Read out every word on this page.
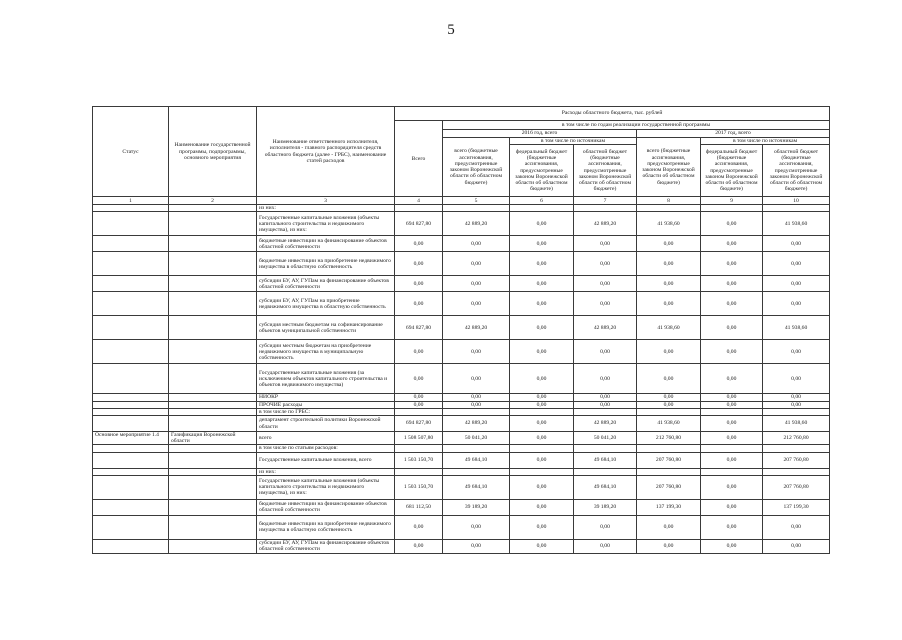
5
Статус	Наименование государственной программы, подпрограммы, основного мероприятия	Наименование ответственного исполнителя, исполнителя - главного распорядителя средств областного бюджета (далее - ГРБС), наименование статей расходов	Расходы областного бюджета, тыс. рублей						
			Всего	в том числе по годам реализации государственной программы					
				2016 год, всего			2017 год, всего		
				всего (бюджетные ассигнования, предусмотренные законом Воронежской области об областном бюджете)	в том числе по источникам		всего (бюджетные ассигнования, предусмотренные законом Воронежской области об областном бюджете)	в том числе по источникам	
					федеральный бюджет (бюджетные ассигнования, предусмотренные законом Воронежской области об областном бюджете)	областной бюджет (бюджетные ассигнования, предусмотренные законом Воронежской области об областном бюджете)		федеральный бюджет (бюджетные ассигнования, предусмотренные законом Воронежской области об областном бюджете)	областной бюджет (бюджетные ассигнования, предусмотренные законом Воронежской области об областном бюджете)
1	2	3	4	5	6	7	8	9	10
		из них:							
		Государственные капитальные вложения (объекты капитального строительства и недвижимого имущества), из них:	694 827,80	42 889,20	0,00	42 889,20	41 938,60	0,00	41 938,60
		бюджетные инвестиции на финансирование объектов областной собственности	0,00	0,00	0,00	0,00	0,00	0,00	0,00
		бюджетные инвестиции на приобретение недвижимого имущества в областную собственность	0,00	0,00	0,00	0,00	0,00	0,00	0,00
		субсидии БУ, АУ, ГУПам на финансирование объектов областной собственности	0,00	0,00	0,00	0,00	0,00	0,00	0,00
		субсидии БУ, АУ, ГУПам на приобретение недвижимого имущества в областную собственность	0,00	0,00	0,00	0,00	0,00	0,00	0,00
		субсидия местным бюджетам на софинансирование объектов муниципальной собственности	694 827,80	42 889,20	0,00	42 889,20	41 938,60	0,00	41 938,60
		субсидии местным бюджетам на приобретение недвижимого имущества в муниципальную собственность	0,00	0,00	0,00	0,00	0,00	0,00	0,00
		Государственные капитальные вложения (за исключением объектов капитального строительства и объектов недвижимого имущества)	0,00	0,00	0,00	0,00	0,00	0,00	0,00
		НИОКР	0,00	0,00	0,00	0,00	0,00	0,00	0,00
		ПРОЧИЕ расходы	0,00	0,00	0,00	0,00	0,00	0,00	0,00
		в том числе по ГРБС:							
		департамент строительной политики Воронежской области	694 827,80	42 889,20	0,00	42 889,20	41 938,60	0,00	41 938,60
Основное мероприятие 1.4	Газификация Воронежской области	всего	1 508 507,80	50 041,20	0,00	50 041,20	212 760,80	0,00	212 760,80
		в том числе по статьям расходов:							
		Государственные капитальные вложения, всего	1 503 150,70	49 684,10	0,00	49 684,10	207 760,80	0,00	207 760,80
		из них:							
		Государственные капитальные вложения (объекты капитального строительства и недвижимого имущества), из них:	1 503 150,70	49 684,10	0,00	49 684,10	207 760,80	0,00	207 760,80
		бюджетные инвестиции на финансирование объектов областной собственности	681 112,50	39 189,20	0,00	39 189,20	137 199,30	0,00	137 199,30
		бюджетные инвестиции на приобретение недвижимого имущества в областную собственность	0,00	0,00	0,00	0,00	0,00	0,00	0,00
		субсидии БУ, АУ, ГУПам на финансирование объектов областной собственности	0,00	0,00	0,00	0,00	0,00	0,00	0,00
